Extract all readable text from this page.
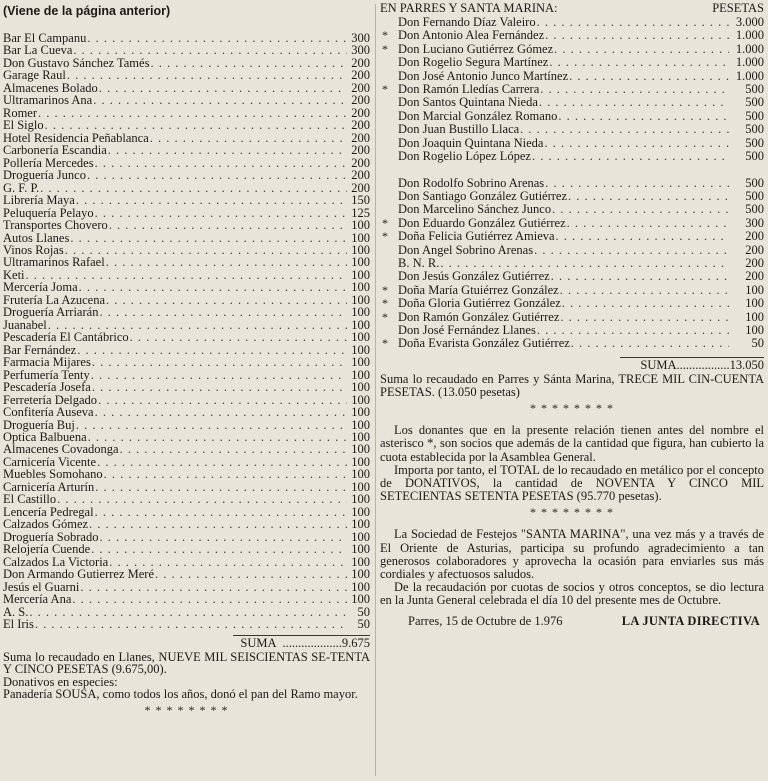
(Viene de la página anterior)
Bar El Campanu . . .	300
Bar La Cueva . . .	300
Don Gustavo Sánchez Tamés . . .	200
Garage Raul . . .	200
Almacenes Bolado . . .	200
Ultramarinos Ana . . .	200
Romer . . .	200
El Siglo . . .	200
Hotel Residencia Peñablanca . . .	200
Carbonería Escandia . . .	200
Pollería Mercedes . . .	200
Droguería Junco . . .	200
G. F. P. . . .	200
Librería Maya . . .	150
Peluquería Pelayo . . .	125
Transportes Chovero . . .	100
Autos Llanes . . .	100
Vinos Rojas . . .	100
Ultramarinos Rafael . . .	100
Keti . . .	100
Mercería Joma . . .	100
Frutería La Azucena . . .	100
Droguería Arriarán . . .	100
Juanabel . . .	100
Pescadería El Cantábrico . . .	100
Bar Fernández . . .	100
Farmacia Mijares . . .	100
Perfumería Tenty . . .	100
Pescadería Josefa . . .	100
Ferretería Delgado . . .	100
Confitería Auseva . . .	100
Droguería Buj . . .	100
Optica Balbuena . . .	100
Almacenes Covadonga . . .	100
Carnicería Vicente . . .	100
Muebles Somohano . . .	100
Carnicería Arturín . . .	100
El Castillo . . .	100
Lencería Pedregal . . .	100
Calzados Gómez . . .	100
Droguería Sobrado . . .	100
Relojería Cuende . . .	100
Calzados La Victoria . . .	100
Don Armando Gutierrez Meré . . .	100
Jesús el Guarni . . .	100
Mercería Ana . . .	100
A. S. . . .	50
El Iris . . .	50
SUMA ................... 9.675

Suma lo recaudado en Llanes, NUEVE MIL SEISCIENTAS SE-TENTA Y CINCO PESETAS (9.675,00).

Donativos en especies:

Panadería SOUSA, como todos los años, donó el pan del Ramo mayor.

* * * * * * * *
EN PARRES Y SANTA MARINA:	PESETAS
Don Fernando Díaz Valeiro . . .	3.000
* Don Antonio Alea Fernández . . .	1.000
* Don Luciano Gutiérrez Gómez . . .	1.000
Don Rogelio Segura Martínez . . .	1.000
Don José Antonio Junco Martínez . . .	1.000
* Don Ramón Lledías Carrera . . .	500
Don Santos Quintana Nieda . . .	500
Don Marcial González Romano . . .	500
Don Juan Bustillo Llaca . . .	500
Don Joaquin Quintana Nieda . . .	500
Don Rogelio López López . . .	500
Don Rodolfo Sobrino Arenas . . .	500
Don Santiago González Gutiérrez . . .	500
Don Marcelino Sánchez Junco . . .	500
* Don Eduardo González Gutiérrez . . .	300
* Doña Felicia Gutiérrez Amieva . . .	200
Don Angel Sobrino Arenas . . .	200
B. N. R. . . .	200
Don Jesús González Gutiérrez . . .	200
* Doña María Gtuiérrez González . . .	100
* Doña Gloria Gutiérrez González . . .	100
* Don Ramón González Gutiérrez . . .	100
Don José Fernández Llanes . . .	100
* Doña Evarista González Gutiérrez . . .	50
SUMA ................. 13.050

Suma lo recaudado en Parres y Sánta Marina, TRECE MIL CIN-CUENTA PESETAS. (13.050 pesetas)

* * * * * * * *

Los donantes que en la presente relación tienen antes del nombre el asterisco *, son socios que además de la cantidad que figura, han cubierto la cuota establecida por la Asamblea General.

Importa por tanto, el TOTAL de lo recaudado en metálico por el concepto de DONATIVOS, la cantidad de NOVENTA Y CINCO MIL SETECIENTAS SETENTA PESETAS (95.770 pesetas).

* * * * * * * *

La Sociedad de Festejos "SANTA MARINA", una vez más y a través de El Oriente de Asturias, participa su profundo agradecimiento a tan generosos colaboradores y aprovecha la ocasión para enviarles sus más cordiales y afectuosos saludos.

De la recaudación por cuotas de socios y otros conceptos, se dio lectura en la Junta General celebrada el día 10 del presente mes de Octubre.

Parres, 15 de Octubre de 1.976	LA JUNTA DIRECTIVA
